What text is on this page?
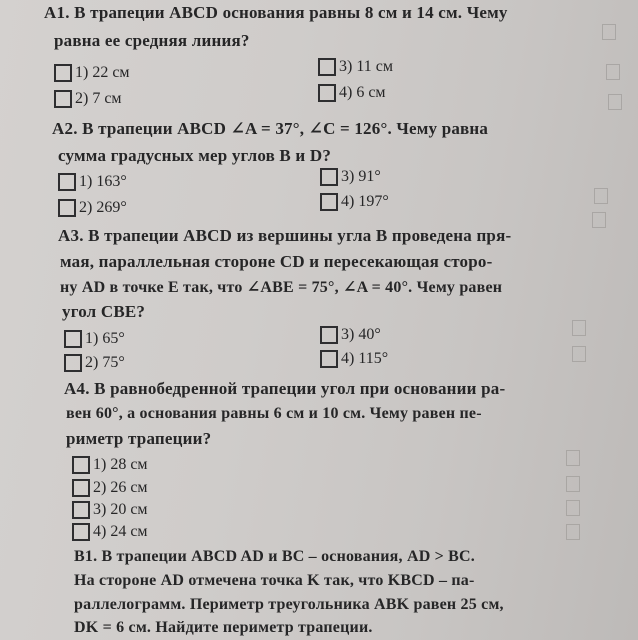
A1. В трапеции ABCD основания равны 8 см и 14 см. Чему
равна ее средняя линия?
1) 22 см
2) 7 см
3) 11 см
4) 6 см
A2. В трапеции ABCD ∠A = 37°, ∠C = 126°. Чему равна
сумма градусных мер углов B и D?
1) 163°
2) 269°
3) 91°
4) 197°
A3. В трапеции ABCD из вершины угла B проведена пря-
мая, параллельная стороне CD и пересекающая сторо-
ну AD в точке E так, что ∠ABE = 75°, ∠A = 40°. Чему равен
угол CBE?
1) 65°
2) 75°
3) 40°
4) 115°
A4. В равнобедренной трапеции угол при основании ра-
вен 60°, а основания равны 6 см и 10 см. Чему равен пе-
риметр трапеции?
1) 28 см
2) 26 см
3) 20 см
4) 24 см
B1. В трапеции ABCD AD и BC – основания, AD > BC.
На стороне AD отмечена точка K так, что KBCD – па-
раллелограмм. Периметр треугольника ABK равен 25 см,
DK = 6 см. Найдите периметр трапеции.
